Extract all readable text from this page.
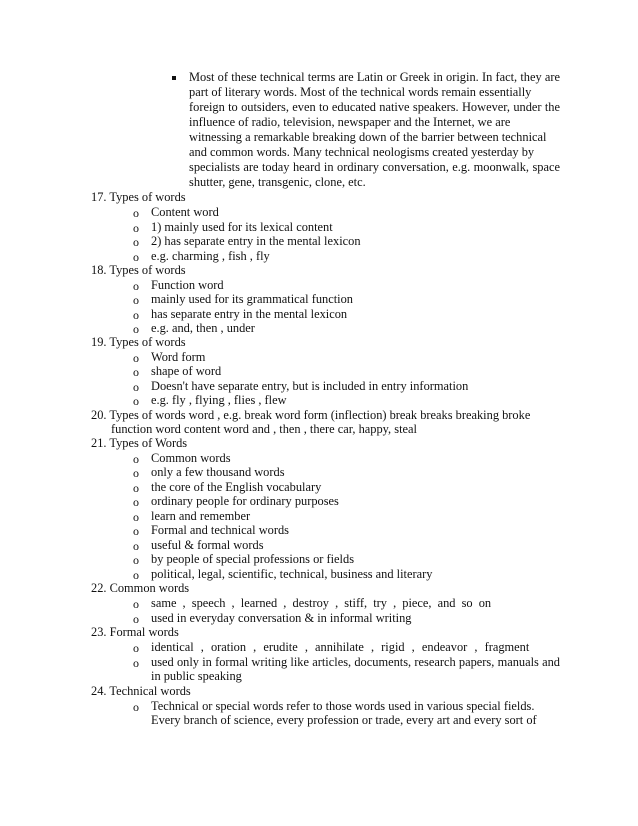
Most of these technical terms are Latin or Greek in origin. In fact, they are
part of literary words. Most of the technical words remain essentially
foreign to outsiders, even to educated native speakers. However, under the
influence of radio, television, newspaper and the Internet, we are
witnessing a remarkable breaking down of the barrier between technical
and common words. Many technical neologisms created yesterday by
specialists are today heard in ordinary conversation, e.g. moonwalk, space
shutter, gene, transgenic, clone, etc.
17. Types of words
o Content word
o 1) mainly used for its lexical content
o 2) has separate entry in the mental lexicon
o e.g. charming , fish , fly
18. Types of words
o Function word
o mainly used for its grammatical function
o has separate entry in the mental lexicon
o e.g. and, then , under
19. Types of words
o Word form
o shape of word
o Doesn't have separate entry, but is included in entry information
o e.g. fly , flying , flies , flew
20. Types of words word , e.g. break word form (inflection) break breaks breaking broke
function word content word and , then , there car, happy, steal
21. Types of Words
o Common words
o only a few thousand words
o the core of the English vocabulary
o ordinary people for ordinary purposes
o learn and remember
o Formal and technical words
o useful & formal words
o by people of special professions or fields
o political, legal, scientific, technical, business and literary
22. Common words
o same , speech , learned , destroy , stiff, try , piece, and so on
o used in everyday conversation & in informal writing
23. Formal words
o identical , oration , erudite , annihilate , rigid , endeavor , fragment
o used only in formal writing like articles, documents, research papers, manuals and
in public speaking
24. Technical words
o Technical or special words refer to those words used in various special fields.
Every branch of science, every profession or trade, every art and every sort of
